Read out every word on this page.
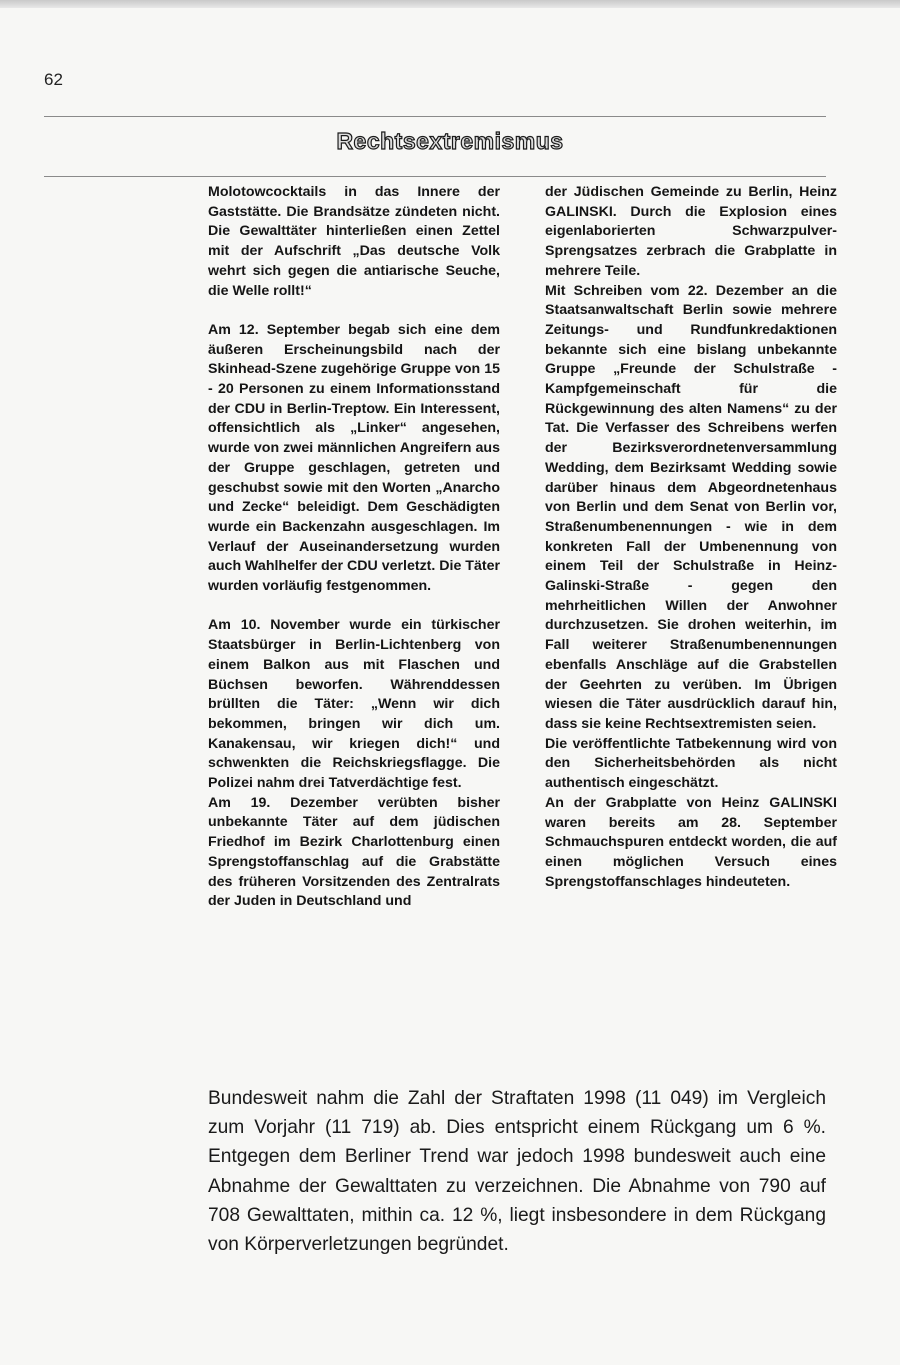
62
Rechtsextremismus

Molotowcocktails in das Innere der Gaststätte. Die Brandsätze zündeten nicht. Die Gewalttäter hinterließen einen Zettel mit der Aufschrift „Das deutsche Volk wehrt sich gegen die antiarische Seuche, die Welle rollt!“

Am 12. September begab sich eine dem äußeren Erscheinungsbild nach der Skinhead-Szene zugehörige Gruppe von 15 - 20 Personen zu einem Informationsstand der CDU in Berlin-Treptow. Ein Interessent, offensichtlich als „Linker“ angesehen, wurde von zwei männlichen Angreifern aus der Gruppe geschlagen, getreten und geschubst sowie mit den Worten „Anarcho und Zecke“ beleidigt. Dem Geschädigten wurde ein Backenzahn ausgeschlagen. Im Verlauf der Auseinandersetzung wurden auch Wahlhelfer der CDU verletzt. Die Täter wurden vorläufig festgenommen.

Am 10. November wurde ein türkischer Staatsbürger in Berlin-Lichtenberg von einem Balkon aus mit Flaschen und Büchsen beworfen. Währenddessen brüllten die Täter: „Wenn wir dich bekommen, bringen wir dich um. Kanakensau, wir kriegen dich!“ und schwenkten die Reichskriegsflagge. Die Polizei nahm drei Tatverdächtige fest.

Am 19. Dezember verübten bisher unbekannte Täter auf dem jüdischen Friedhof im Bezirk Charlottenburg einen Sprengstoffanschlag auf die Grabstätte des früheren Vorsitzenden des Zentralrats der Juden in Deutschland und

der Jüdischen Gemeinde zu Berlin, Heinz GALINSKI. Durch die Explosion eines eigenlaborierten Schwarzpulver-Sprengsatzes zerbrach die Grabplatte in mehrere Teile.

Mit Schreiben vom 22. Dezember an die Staatsanwaltschaft Berlin sowie mehrere Zeitungs- und Rundfunkredaktionen bekannte sich eine bislang unbekannte Gruppe „Freunde der Schulstraße - Kampfgemeinschaft für die Rückgewinnung des alten Namens“ zu der Tat. Die Verfasser des Schreibens werfen der Bezirksverordnetenversammlung Wedding, dem Bezirksamt Wedding sowie darüber hinaus dem Abgeordnetenhaus von Berlin und dem Senat von Berlin vor, Straßenumbenennungen - wie in dem konkreten Fall der Umbenennung von einem Teil der Schulstraße in Heinz-Galinski-Straße - gegen den mehrheitlichen Willen der Anwohner durchzusetzen. Sie drohen weiterhin, im Fall weiterer Straßenumbenennungen ebenfalls Anschläge auf die Grabstellen der Geehrten zu verüben. Im Übrigen wiesen die Täter ausdrücklich darauf hin, dass sie keine Rechtsextremisten seien.

Die veröffentlichte Tatbekennung wird von den Sicherheitsbehörden als nicht authentisch eingeschätzt.

An der Grabplatte von Heinz GALINSKI waren bereits am 28. September Schmauchspuren entdeckt worden, die auf einen möglichen Versuch eines Sprengstoffanschlages hindeuteten.

Bundesweit nahm die Zahl der Straftaten 1998 (11 049) im Vergleich zum Vorjahr (11 719) ab. Dies entspricht einem Rückgang um 6 %. Entgegen dem Berliner Trend war jedoch 1998 bundesweit auch eine Abnahme der Gewalttaten zu verzeichnen. Die Abnahme von 790 auf 708 Gewalttaten, mithin ca. 12 %, liegt insbesondere in dem Rückgang von Körperverletzungen begründet.
